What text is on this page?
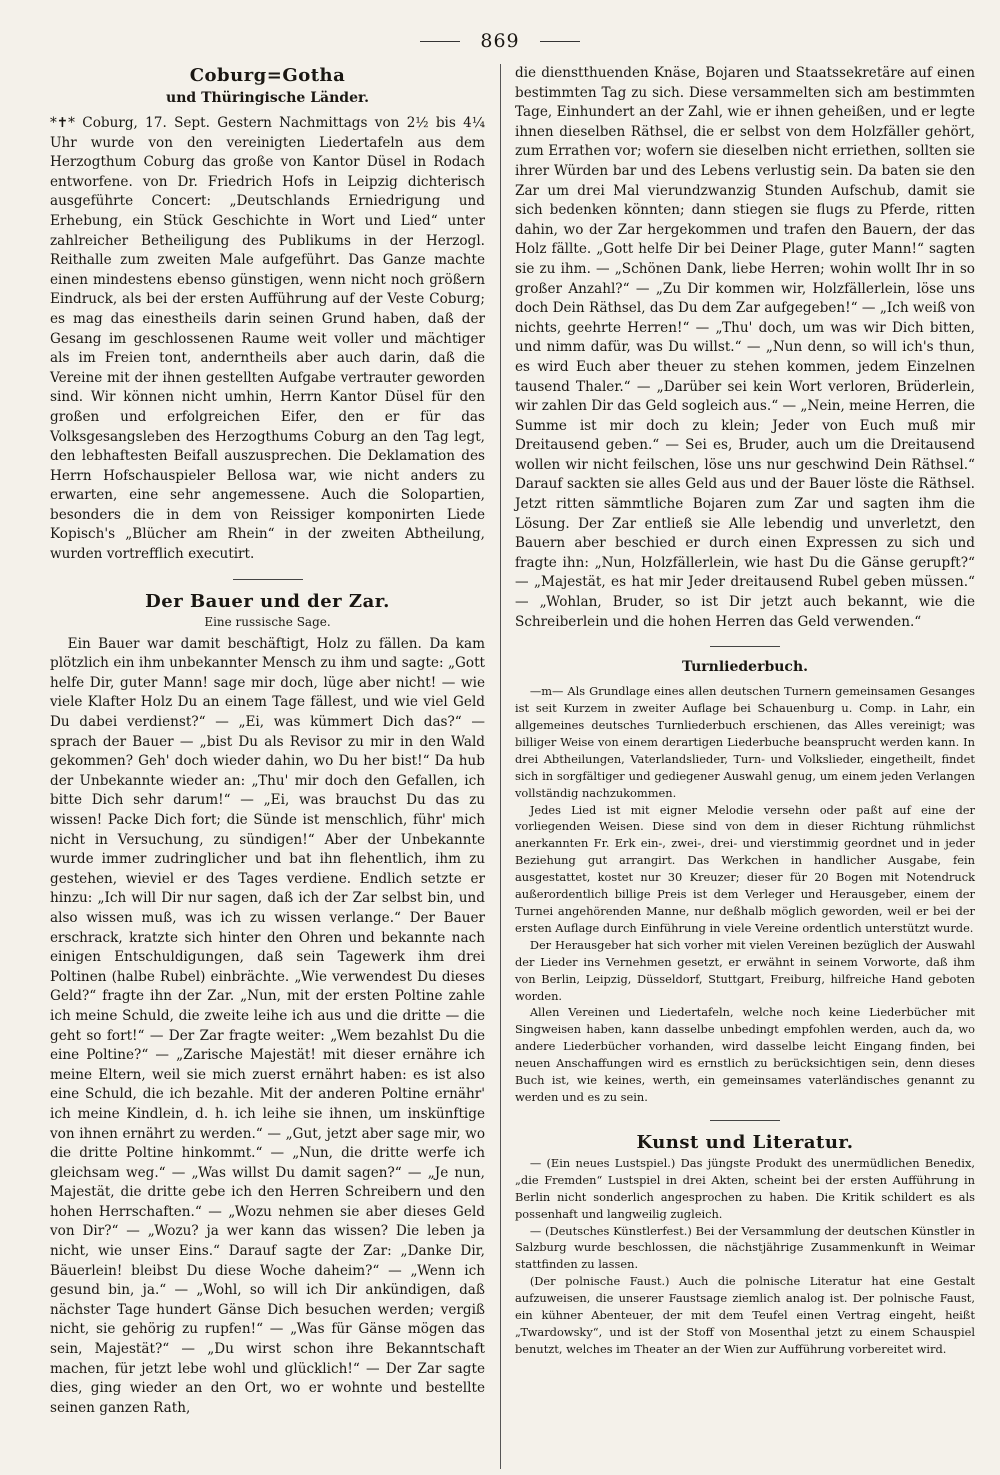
869
Coburg=Gotha
und Thüringische Länder.

*✝* Coburg, 17. Sept. Gestern Nachmittags von 2½ bis 4¼ Uhr wurde von den vereinigten Liedertafeln aus dem Herzogthum Coburg das große von Kantor Düsel in Rodach entworfene. von Dr. Friedrich Hofs in Leipzig dichterisch ausgeführte Concert: „Deutschlands Erniedrigung und Erhebung, ein Stück Geschichte in Wort und Lied“ unter zahlreicher Betheiligung des Publikums in der Herzogl. Reithalle zum zweiten Male aufgeführt. Das Ganze machte einen mindestens ebenso günstigen, wenn nicht noch größern Eindruck, als bei der ersten Aufführung auf der Veste Coburg; es mag das einestheils darin seinen Grund haben, daß der Gesang im geschlossenen Raume weit voller und mächtiger als im Freien tont, anderntheils aber auch darin, daß die Vereine mit der ihnen gestellten Aufgabe vertrauter geworden sind. Wir können nicht umhin, Herrn Kantor Düsel für den großen und erfolgreichen Eifer, den er für das Volksgesangsleben des Herzogthums Coburg an den Tag legt, den lebhaftesten Beifall auszusprechen. Die Deklamation des Herrn Hofschauspieler Bellosa war, wie nicht anders zu erwarten, eine sehr angemessene. Auch die Solopartien, besonders die in dem von Reissiger komponirten Liede Kopisch's „Blücher am Rhein“ in der zweiten Abtheilung, wurden vortrefflich executirt.

Der Bauer und der Zar.
Eine russische Sage.

Ein Bauer war damit beschäftigt, Holz zu fällen. Da kam plötzlich ein ihm unbekannter Mensch zu ihm und sagte: „Gott helfe Dir, guter Mann! sage mir doch, lüge aber nicht! — wie viele Klafter Holz Du an einem Tage fällest, und wie viel Geld Du dabei verdienst?“ — „Ei, was kümmert Dich das?“ — sprach der Bauer — „bist Du als Revisor zu mir in den Wald gekommen? Geh' doch wieder dahin, wo Du her bist!“ Da hub der Unbekannte wieder an: „Thu' mir doch den Gefallen, ich bitte Dich sehr darum!“ — „Ei, was brauchst Du das zu wissen! Packe Dich fort; die Sünde ist menschlich, führ' mich nicht in Versuchung, zu sündigen!“ Aber der Unbekannte wurde immer zudringlicher und bat ihn flehentlich, ihm zu gestehen, wieviel er des Tages verdiene. Endlich setzte er hinzu: „Ich will Dir nur sagen, daß ich der Zar selbst bin, und also wissen muß, was ich zu wissen verlange.“ Der Bauer erschrack, kratzte sich hinter den Ohren und bekannte nach einigen Entschuldigungen, daß sein Tagewerk ihm drei Poltinen (halbe Rubel) einbrächte. „Wie verwendest Du dieses Geld?“ fragte ihn der Zar. „Nun, mit der ersten Poltine zahle ich meine Schuld, die zweite leihe ich aus und die dritte — die geht so fort!“ — Der Zar fragte weiter: „Wem bezahlst Du die eine Poltine?“ — „Zarische Majestät! mit dieser ernähre ich meine Eltern, weil sie mich zuerst ernährt haben: es ist also eine Schuld, die ich bezahle. Mit der anderen Poltine ernähr' ich meine Kindlein, d. h. ich leihe sie ihnen, um inskünftige von ihnen ernährt zu werden.“ — „Gut, jetzt aber sage mir, wo die dritte Poltine hinkommt.“ — „Nun, die dritte werfe ich gleichsam weg.“ — „Was willst Du damit sagen?“ — „Je nun, Majestät, die dritte gebe ich den Herren Schreibern und den hohen Herrschaften.“ — „Wozu nehmen sie aber dieses Geld von Dir?“ — „Wozu? ja wer kann das wissen? Die leben ja nicht, wie unser Eins.“ Darauf sagte der Zar: „Danke Dir, Bäuerlein! bleibst Du diese Woche daheim?“ — „Wenn ich gesund bin, ja.“ — „Wohl, so will ich Dir ankündigen, daß nächster Tage hundert Gänse Dich besuchen werden; vergiß nicht, sie gehörig zu rupfen!“ — „Was für Gänse mögen das sein, Majestät?“ — „Du wirst schon ihre Bekanntschaft machen, für jetzt lebe wohl und glücklich!“ — Der Zar sagte dies, ging wieder an den Ort, wo er wohnte und bestellte seinen ganzen Rath,

die dienstthuenden Knäse, Bojaren und Staatssekretäre auf einen bestimmten Tag zu sich. Diese versammelten sich am bestimmten Tage, Einhundert an der Zahl, wie er ihnen geheißen, und er legte ihnen dieselben Räthsel, die er selbst von dem Holzfäller gehört, zum Errathen vor; wofern sie dieselben nicht erriethen, sollten sie ihrer Würden bar und des Lebens verlustig sein. Da baten sie den Zar um drei Mal vierundzwanzig Stunden Aufschub, damit sie sich bedenken könnten; dann stiegen sie flugs zu Pferde, ritten dahin, wo der Zar hergekommen und trafen den Bauern, der das Holz fällte. „Gott helfe Dir bei Deiner Plage, guter Mann!“ sagten sie zu ihm. — „Schönen Dank, liebe Herren; wohin wollt Ihr in so großer Anzahl?“ — „Zu Dir kommen wir, Holzfällerlein, löse uns doch Dein Räthsel, das Du dem Zar aufgegeben!“ — „Ich weiß von nichts, geehrte Herren!“ — „Thu' doch, um was wir Dich bitten, und nimm dafür, was Du willst.“ — „Nun denn, so will ich's thun, es wird Euch aber theuer zu stehen kommen, jedem Einzelnen tausend Thaler.“ — „Darüber sei kein Wort verloren, Brüderlein, wir zahlen Dir das Geld sogleich aus.“ — „Nein, meine Herren, die Summe ist mir doch zu klein; Jeder von Euch muß mir Dreitausend geben.“ — Sei es, Bruder, auch um die Dreitausend wollen wir nicht feilschen, löse uns nur geschwind Dein Räthsel.“ Darauf sackten sie alles Geld aus und der Bauer löste die Räthsel. Jetzt ritten sämmtliche Bojaren zum Zar und sagten ihm die Lösung. Der Zar entließ sie Alle lebendig und unverletzt, den Bauern aber beschied er durch einen Expressen zu sich und fragte ihn: „Nun, Holzfällerlein, wie hast Du die Gänse gerupft?“ — „Majestät, es hat mir Jeder dreitausend Rubel geben müssen.“ — „Wohlan, Bruder, so ist Dir jetzt auch bekannt, wie die Schreiberlein und die hohen Herren das Geld verwenden.“

Turnliederbuch.

—m— Als Grundlage eines allen deutschen Turnern gemeinsamen Gesanges ist seit Kurzem in zweiter Auflage bei Schauenburg u. Comp. in Lahr, ein allgemeines deutsches Turnliederbuch erschienen, das Alles vereinigt; was billiger Weise von einem derartigen Liederbuche beansprucht werden kann. In drei Abtheilungen, Vaterlandslieder, Turn- und Volkslieder, eingetheilt, findet sich in sorgfältiger und gediegener Auswahl genug, um einem jeden Verlangen vollständig nachzukommen.

Jedes Lied ist mit eigner Melodie versehn oder paßt auf eine der vorliegenden Weisen. Diese sind von dem in dieser Richtung rühmlichst anerkannten Fr. Erk ein-, zwei-, drei- und vierstimmig geordnet und in jeder Beziehung gut arrangirt. Das Werkchen in handlicher Ausgabe, fein ausgestattet, kostet nur 30 Kreuzer; dieser für 20 Bogen mit Notendruck außerordentlich billige Preis ist dem Verleger und Herausgeber, einem der Turnei angehörenden Manne, nur deßhalb möglich geworden, weil er bei der ersten Auflage durch Einführung in viele Vereine ordentlich unterstützt wurde.

Der Herausgeber hat sich vorher mit vielen Vereinen bezüglich der Auswahl der Lieder ins Vernehmen gesetzt, er erwähnt in seinem Vorworte, daß ihm von Berlin, Leipzig, Düsseldorf, Stuttgart, Freiburg, hilfreiche Hand geboten worden.

Allen Vereinen und Liedertafeln, welche noch keine Liederbücher mit Singweisen haben, kann dasselbe unbedingt empfohlen werden, auch da, wo andere Liederbücher vorhanden, wird dasselbe leicht Eingang finden, bei neuen Anschaffungen wird es ernstlich zu berücksichtigen sein, denn dieses Buch ist, wie keines, werth, ein gemeinsames vaterländisches genannt zu werden und es zu sein.

Kunst und Literatur.

— (Ein neues Lustspiel.) Das jüngste Produkt des unermüdlichen Benedix, „die Fremden“ Lustspiel in drei Akten, scheint bei der ersten Aufführung in Berlin nicht sonderlich angesprochen zu haben. Die Kritik schildert es als possenhaft und langweilig zugleich.

— (Deutsches Künstlerfest.) Bei der Versammlung der deutschen Künstler in Salzburg wurde beschlossen, die nächstjährige Zusammenkunft in Weimar stattfinden zu lassen.

(Der polnische Faust.) Auch die polnische Literatur hat eine Gestalt aufzuweisen, die unserer Faustsage ziemlich analog ist. Der polnische Faust, ein kühner Abenteuer, der mit dem Teufel einen Vertrag eingeht, heißt „Twardowsky“, und ist der Stoff von Mosenthal jetzt zu einem Schauspiel benutzt, welches im Theater an der Wien zur Aufführung vorbereitet wird.
